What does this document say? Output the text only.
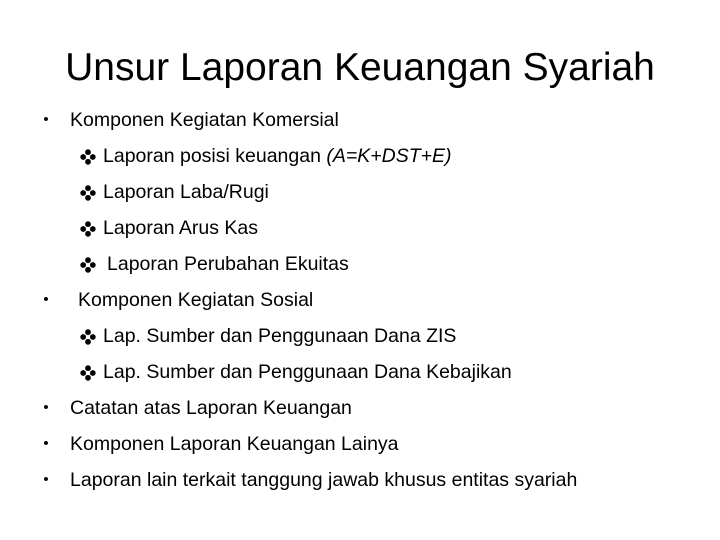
Unsur Laporan Keuangan Syariah
• Komponen Kegiatan Komersial
Laporan posisi keuangan (A=K+DST+E)
Laporan Laba/Rugi
Laporan Arus Kas
Laporan Perubahan Ekuitas
• Komponen Kegiatan Sosial
Lap. Sumber dan Penggunaan Dana ZIS
Lap. Sumber dan Penggunaan Dana Kebajikan
• Catatan atas Laporan Keuangan
• Komponen Laporan Keuangan Lainya
• Laporan lain terkait tanggung jawab khusus entitas syariah
